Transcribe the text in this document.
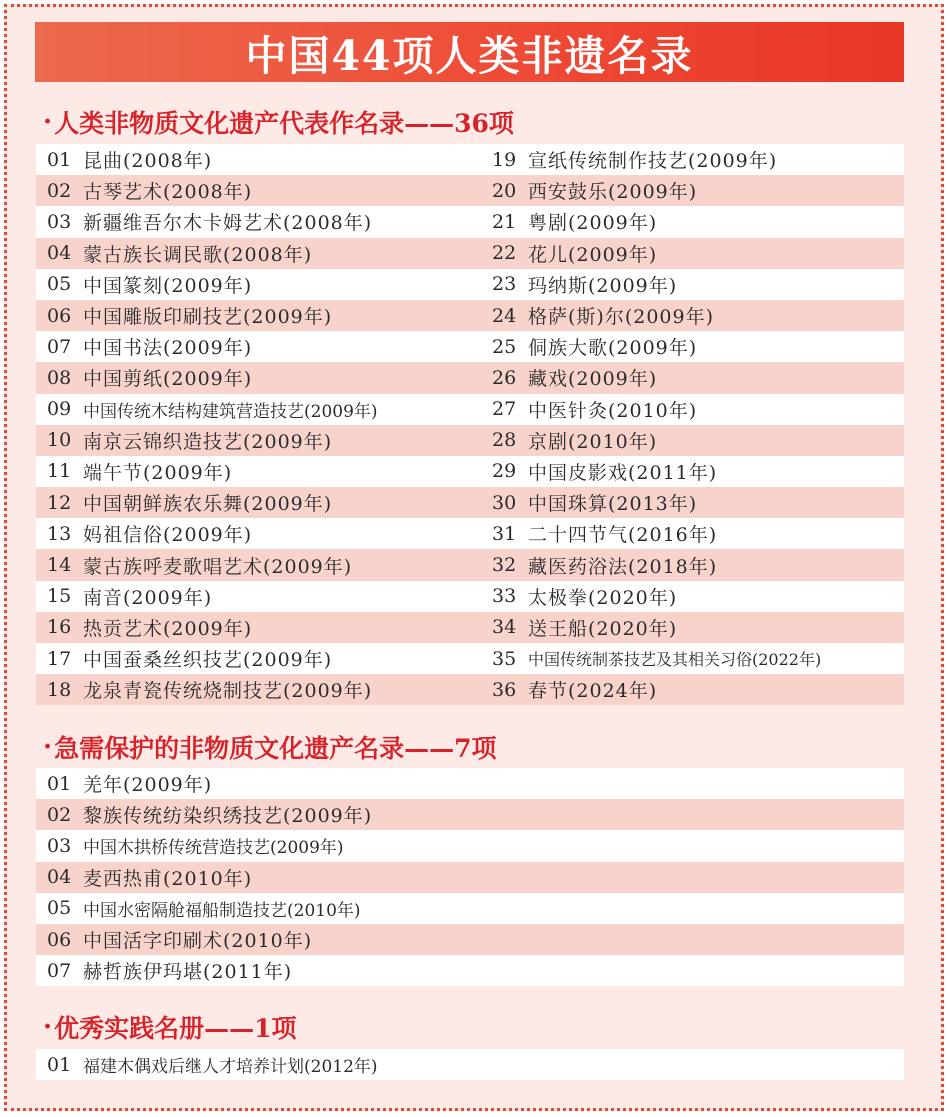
中国44项人类非遗名录
· 人类非物质文化遗产代表作名录——36项
01 昆曲(2008年)	19 宣纸传统制作技艺(2009年)
02 古琴艺术(2008年)	20 西安鼓乐(2009年)
03 新疆维吾尔木卡姆艺术(2008年)	21 粤剧(2009年)
04 蒙古族长调民歌(2008年)	22 花儿(2009年)
05 中国篆刻(2009年)	23 玛纳斯(2009年)
06 中国雕版印刷技艺(2009年)	24 格萨(斯)尔(2009年)
07 中国书法(2009年)	25 侗族大歌(2009年)
08 中国剪纸(2009年)	26 藏戏(2009年)
09 中国传统木结构建筑营造技艺(2009年)	27 中医针灸(2010年)
10 南京云锦织造技艺(2009年)	28 京剧(2010年)
11 端午节(2009年)	29 中国皮影戏(2011年)
12 中国朝鲜族农乐舞(2009年)	30 中国珠算(2013年)
13 妈祖信俗(2009年)	31 二十四节气(2016年)
14 蒙古族呼麦歌唱艺术(2009年)	32 藏医药浴法(2018年)
15 南音(2009年)	33 太极拳(2020年)
16 热贡艺术(2009年)	34 送王船(2020年)
17 中国蚕桑丝织技艺(2009年)	35 中国传统制茶技艺及其相关习俗(2022年)
18 龙泉青瓷传统烧制技艺(2009年)	36 春节(2024年)
· 急需保护的非物质文化遗产名录——7项
01 羌年(2009年)
02 黎族传统纺染织绣技艺(2009年)
03 中国木拱桥传统营造技艺(2009年)
04 麦西热甫(2010年)
05 中国水密隔舱福船制造技艺(2010年)
06 中国活字印刷术(2010年)
07 赫哲族伊玛堪(2011年)
· 优秀实践名册——1项
01 福建木偶戏后继人才培养计划(2012年)
